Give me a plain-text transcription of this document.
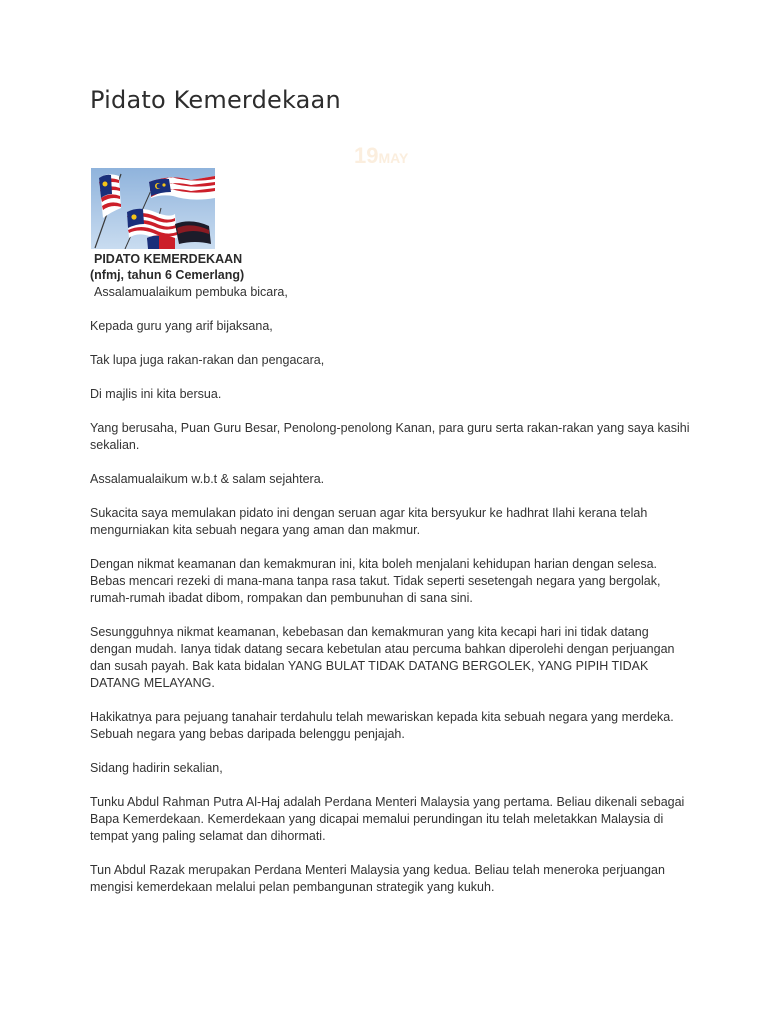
Pidato Kemerdekaan
19MAY
PIDATO KEMERDEKAAN
(nfmj, tahun 6 Cemerlang)

Assalamualaikum pembuka bicara,

Kepada guru yang arif bijaksana,

Tak lupa juga rakan-rakan dan pengacara,

Di majlis ini kita bersua.

Yang berusaha, Puan Guru Besar, Penolong-penolong Kanan, para guru serta rakan-rakan yang saya kasihi sekalian.

Assalamualaikum w.b.t & salam sejahtera.

Sukacita saya memulakan pidato ini dengan seruan agar kita bersyukur ke hadhrat Ilahi kerana telah mengurniakan kita sebuah negara yang aman dan makmur.

Dengan nikmat keamanan dan kemakmuran ini, kita boleh menjalani kehidupan harian dengan selesa. Bebas mencari rezeki di mana-mana tanpa rasa takut. Tidak seperti sesetengah negara yang bergolak, rumah-rumah ibadat dibom, rompakan dan pembunuhan di sana sini.

Sesungguhnya nikmat keamanan, kebebasan dan kemakmuran yang kita kecapi hari ini tidak datang dengan mudah. Ianya tidak datang secara kebetulan atau percuma bahkan diperolehi dengan perjuangan dan susah payah. Bak kata bidalan YANG BULAT TIDAK DATANG BERGOLEK, YANG PIPIH TIDAK DATANG MELAYANG.

Hakikatnya para pejuang tanahair terdahulu telah mewariskan kepada kita sebuah negara yang merdeka. Sebuah negara yang bebas daripada belenggu penjajah.

Sidang hadirin sekalian,

Tunku Abdul Rahman Putra Al-Haj adalah Perdana Menteri Malaysia yang pertama. Beliau dikenali sebagai Bapa Kemerdekaan. Kemerdekaan yang dicapai memalui perundingan itu telah meletakkan Malaysia di tempat yang paling selamat dan dihormati.

Tun Abdul Razak merupakan Perdana Menteri Malaysia yang kedua. Beliau telah meneroka perjuangan mengisi kemerdekaan melalui pelan pembangunan strategik yang kukuh.
